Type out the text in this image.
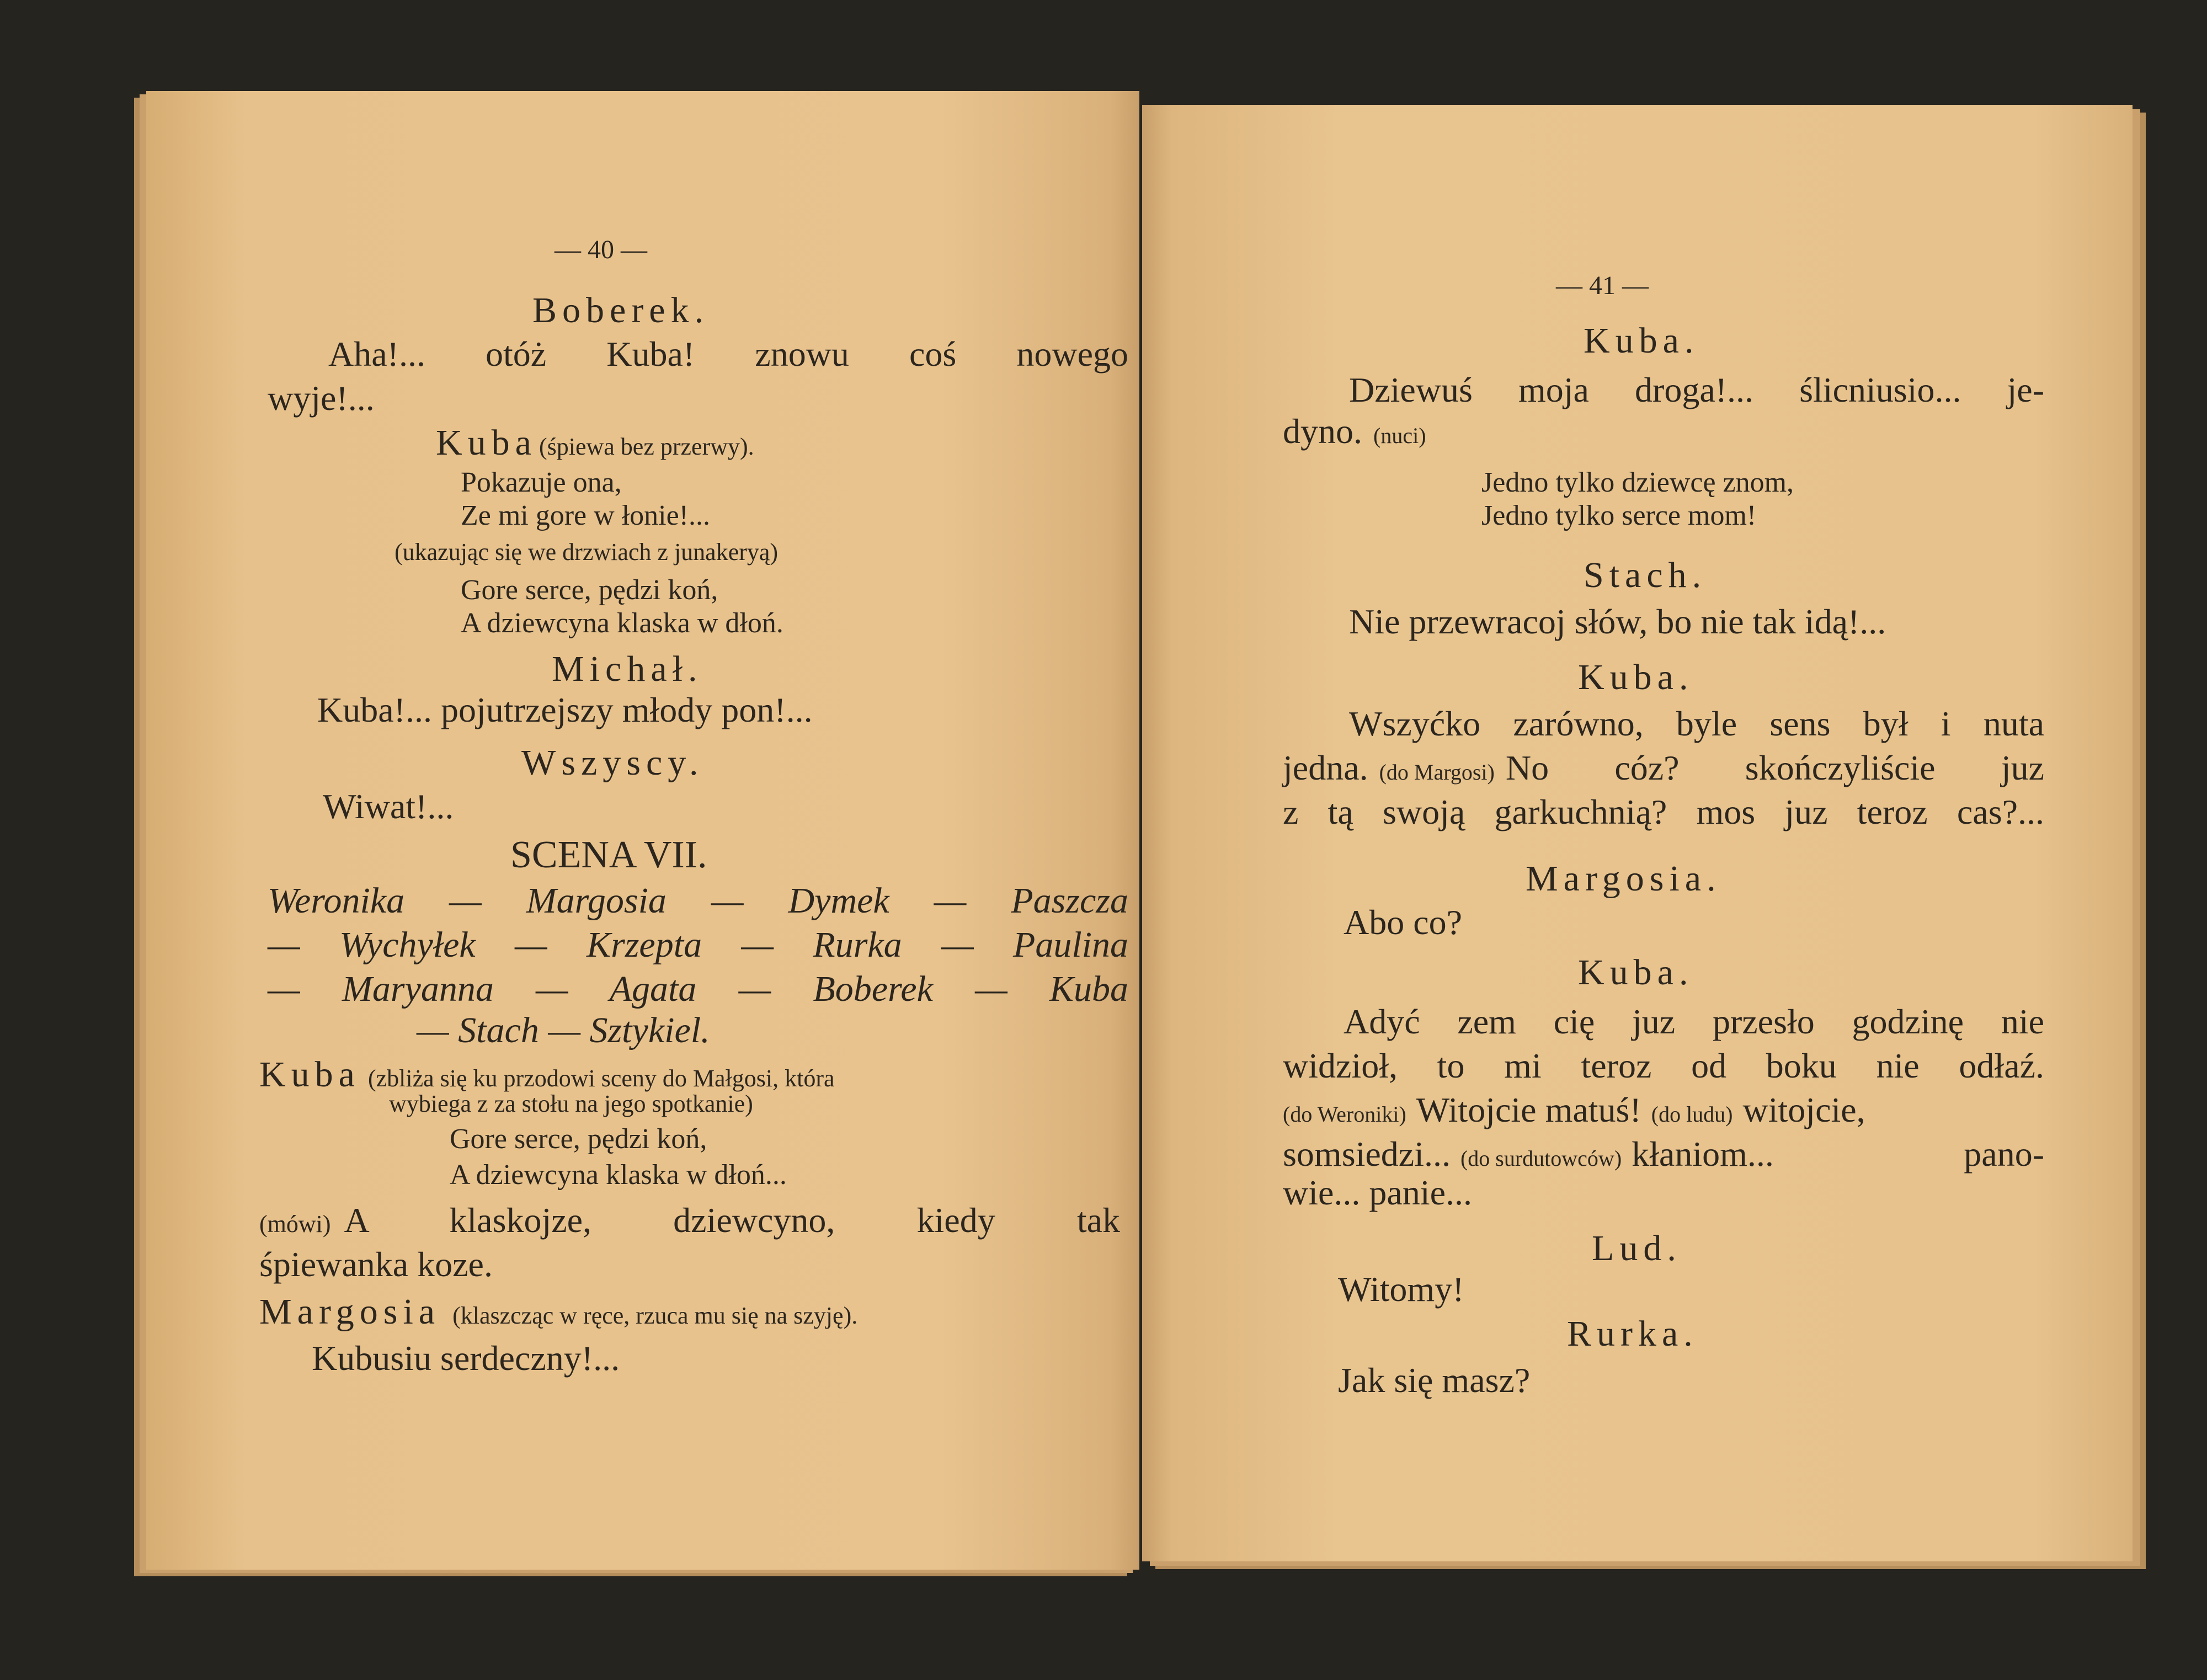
— 40 —
Boberek.
Aha!... otóż Kuba! znowu coś nowego
wyje!...
Kuba (śpiewa bez przerwy).
Pokazuje ona,
Ze mi gore w łonie!...
(ukazując się we drzwiach z junakeryą)
Gore serce, pędzi koń,
A dziewcyna klaska w dłoń.
Michał.
Kuba!... pojutrzejszy młody pon!...
Wszyscy.
Wiwat!...
SCENA VII.
Weronika — Margosia — Dymek — Paszcza
— Wychyłek — Krzepta — Rurka — Paulina
— Maryanna — Agata — Boberek — Kuba
— Stach — Sztykiel.
Kuba (zbliża się ku przodowi sceny do Małgosi, która
wybiega z za stołu na jego spotkanie)
Gore serce, pędzi koń,
A dziewcyna klaska w dłoń...
(mówi) A klaskojze, dziewcyno, kiedy tak
śpiewanka koze.
Margosia (klaszcząc w ręce, rzuca mu się na szyję).
Kubusiu serdeczny!...
— 41 —
Kuba.
Dziewuś moja droga!... ślicniusio... je-
dyno. (nuci)
Jedno tylko dziewcę znom,
Jedno tylko serce mom!
Stach.
Nie przewracoj słów, bo nie tak idą!...
Kuba.
Wszyćko zarówno, byle sens był i nuta
jedna. (do Margosi) No cóz? skończyliście juz
z tą swoją garkuchnią? mos juz teroz cas?...
Margosia.
Abo co?
Kuba.
Adyć zem cię juz przesło godzinę nie
widzioł, to mi teroz od boku nie odłaź.
(do Weroniki) Witojcie matuś! (do ludu) witojcie,
somsiedzi... (do surdutowców) kłaniom... pano-
wie... panie...
Lud.
Witomy!
Rurka.
Jak się masz?
